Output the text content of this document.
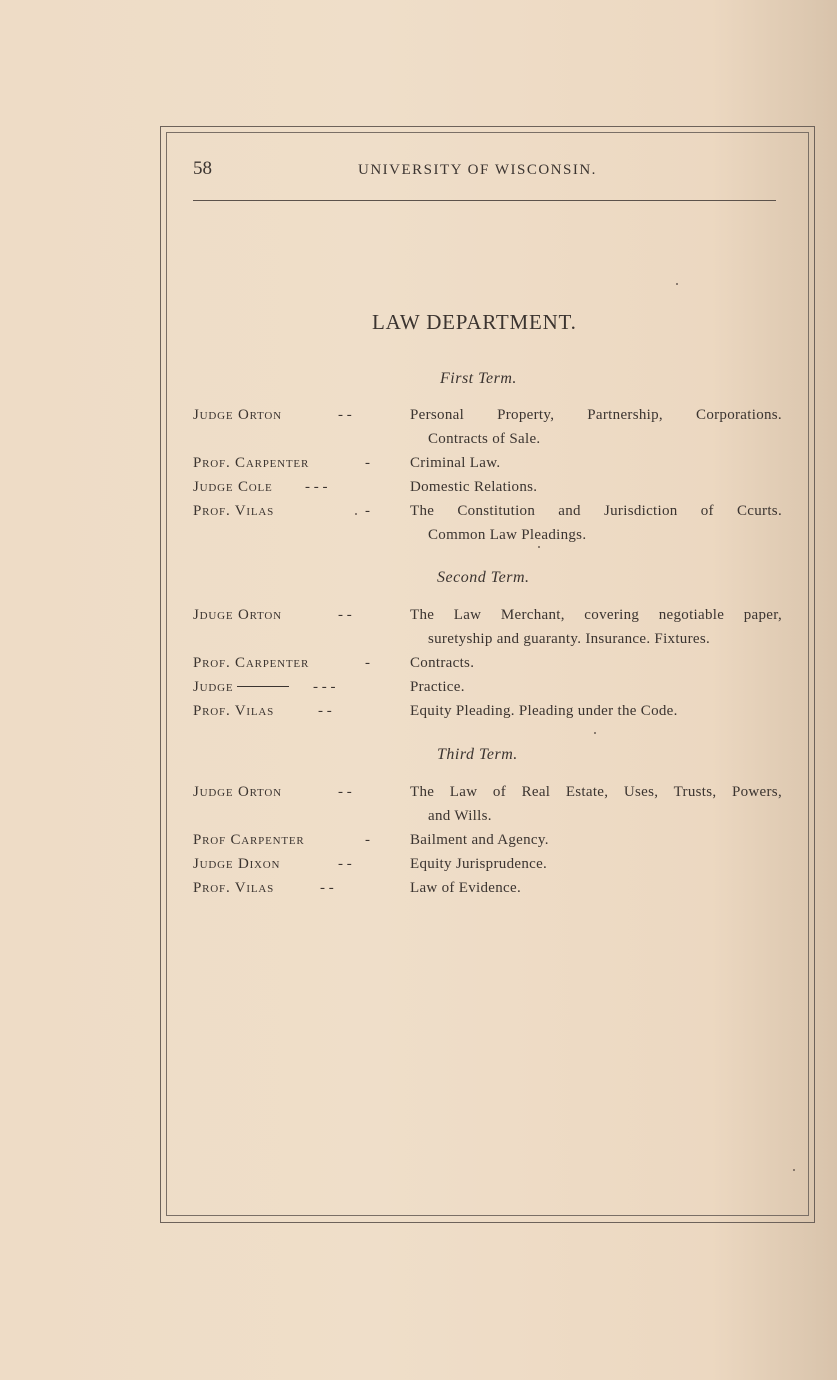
58	UNIVERSITY OF WISCONSIN.
LAW DEPARTMENT.
First Term.
Judge Orton	- -	Personal Property, Partnership, Corporations.
Contracts of Sale.
Prof. Carpenter	-	Criminal Law.
Judge Cole - - -	Domestic Relations.
Prof. Vilas	-	The Constitution and Jurisdiction of Ccurts.
Common Law Pleadings.
Second Term.
Jduge Orton	- -	The Law Merchant, covering negotiable paper,
suretyship and guaranty. Insurance. Fixtures.
Prof. Carpenter	-	Contracts.
Judge	- - -	Practice.
Prof. Vilas	- -	Equity Pleading. Pleading under the Code.
Third Term.
Judge Orton	- -	The Law of Real Estate, Uses, Trusts, Powers,
and Wills.
Prof Carpenter	-	Bailment and Agency.
Judge Dixon	- -	Equity Jurisprudence.
Prof. Vilas	- -	Law of Evidence.
